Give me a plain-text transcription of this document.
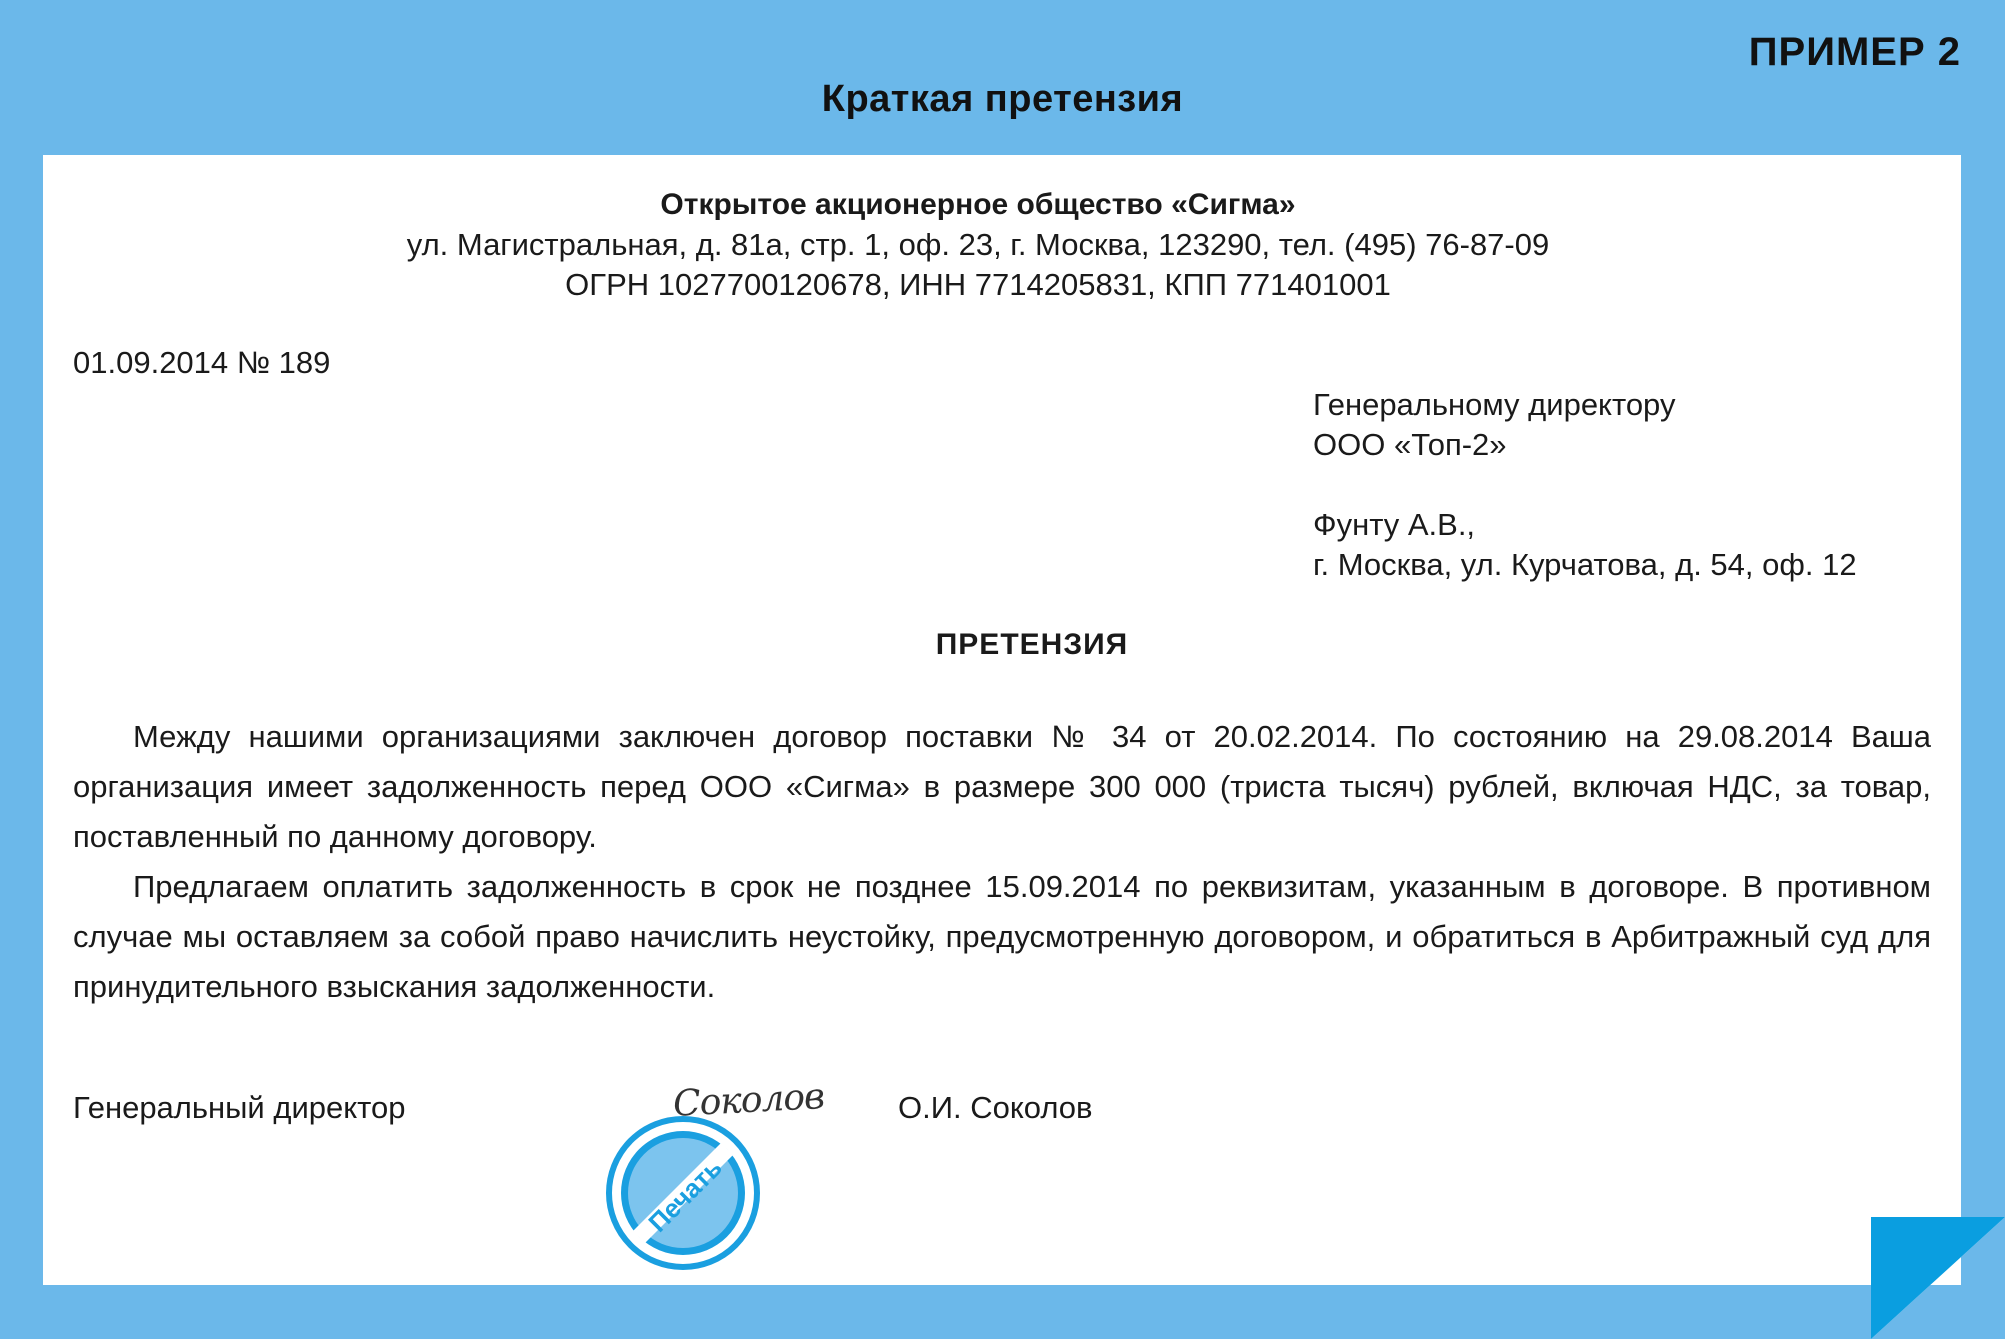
ПРИМЕР 2
Краткая претензия
Открытое акционерное общество «Сигма»
ул. Магистральная, д. 81а, стр. 1, оф. 23, г. Москва, 123290, тел. (495) 76-87-09
ОГРН 1027700120678, ИНН 7714205831, КПП 771401001
01.09.2014 № 189
Генеральному директору
ООО «Топ-2»
Фунту А.В.,
г. Москва, ул. Курчатова, д. 54, оф. 12
ПРЕТЕНЗИЯ

Между нашими организациями заключен договор поставки № 34 от 20.02.2014. По состоянию на 29.08.2014 Ваша организация имеет задолженность перед ООО «Сигма» в размере 300 000 (триста тысяч) рублей, включая НДС, за товар, поставленный по данному договору.

Предлагаем оплатить задолженность в срок не позднее 15.09.2014 по реквизитам, указанным в договоре. В противном случае мы оставляем за собой право начислить неустойку, предусмотренную договором, и обратиться в Арбитражный суд для принудительного взыскания задолженности.

Генеральный директор
Печать
Соколов О.И. Соколов
